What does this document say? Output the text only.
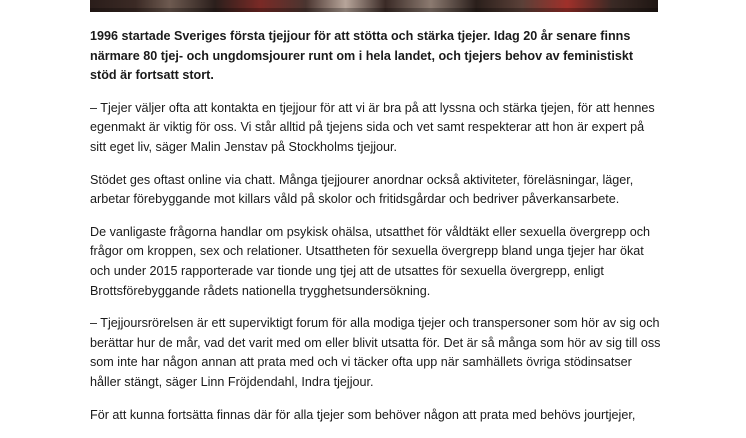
1996 startade Sveriges första tjejjour för att stötta och stärka tjejer. Idag 20 år senare finns närmare 80 tjej- och ungdomsjourer runt om i hela landet, och tjejers behov av feministiskt stöd är fortsatt stort.

– Tjejer väljer ofta att kontakta en tjejjour för att vi är bra på att lyssna och stärka tjejen, för att hennes egenmakt är viktig för oss. Vi står alltid på tjejens sida och vet samt respekterar att hon är expert på sitt eget liv, säger Malin Jenstav på Stockholms tjejjour.

Stödet ges oftast online via chatt. Många tjejjourer anordnar också aktiviteter, föreläsningar, läger, arbetar förebyggande mot killars våld på skolor och fritidsgårdar och bedriver påverkansarbete.

De vanligaste frågorna handlar om psykisk ohälsa, utsatthet för våldtäkt eller sexuella övergrepp och frågor om kroppen, sex och relationer. Utsattheten för sexuella övergrepp bland unga tjejer har ökat och under 2015 rapporterade var tionde ung tjej att de utsattes för sexuella övergrepp, enligt Brottsförebyggande rådets nationella trygghetsundersökning.

– Tjejjoursrörelsen är ett superviktigt forum för alla modiga tjejer och transpersoner som hör av sig och berättar hur de mår, vad det varit med om eller blivit utsatta för. Det är så många som hör av sig till oss som inte har någon annan att prata med och vi täcker ofta upp när samhällets övriga stödinsatser håller stängt, säger Linn Fröjdendahl, Indra tjejjour.

För att kunna fortsätta finnas där för alla tjejer som behöver någon att prata med behövs jourtjejer,
